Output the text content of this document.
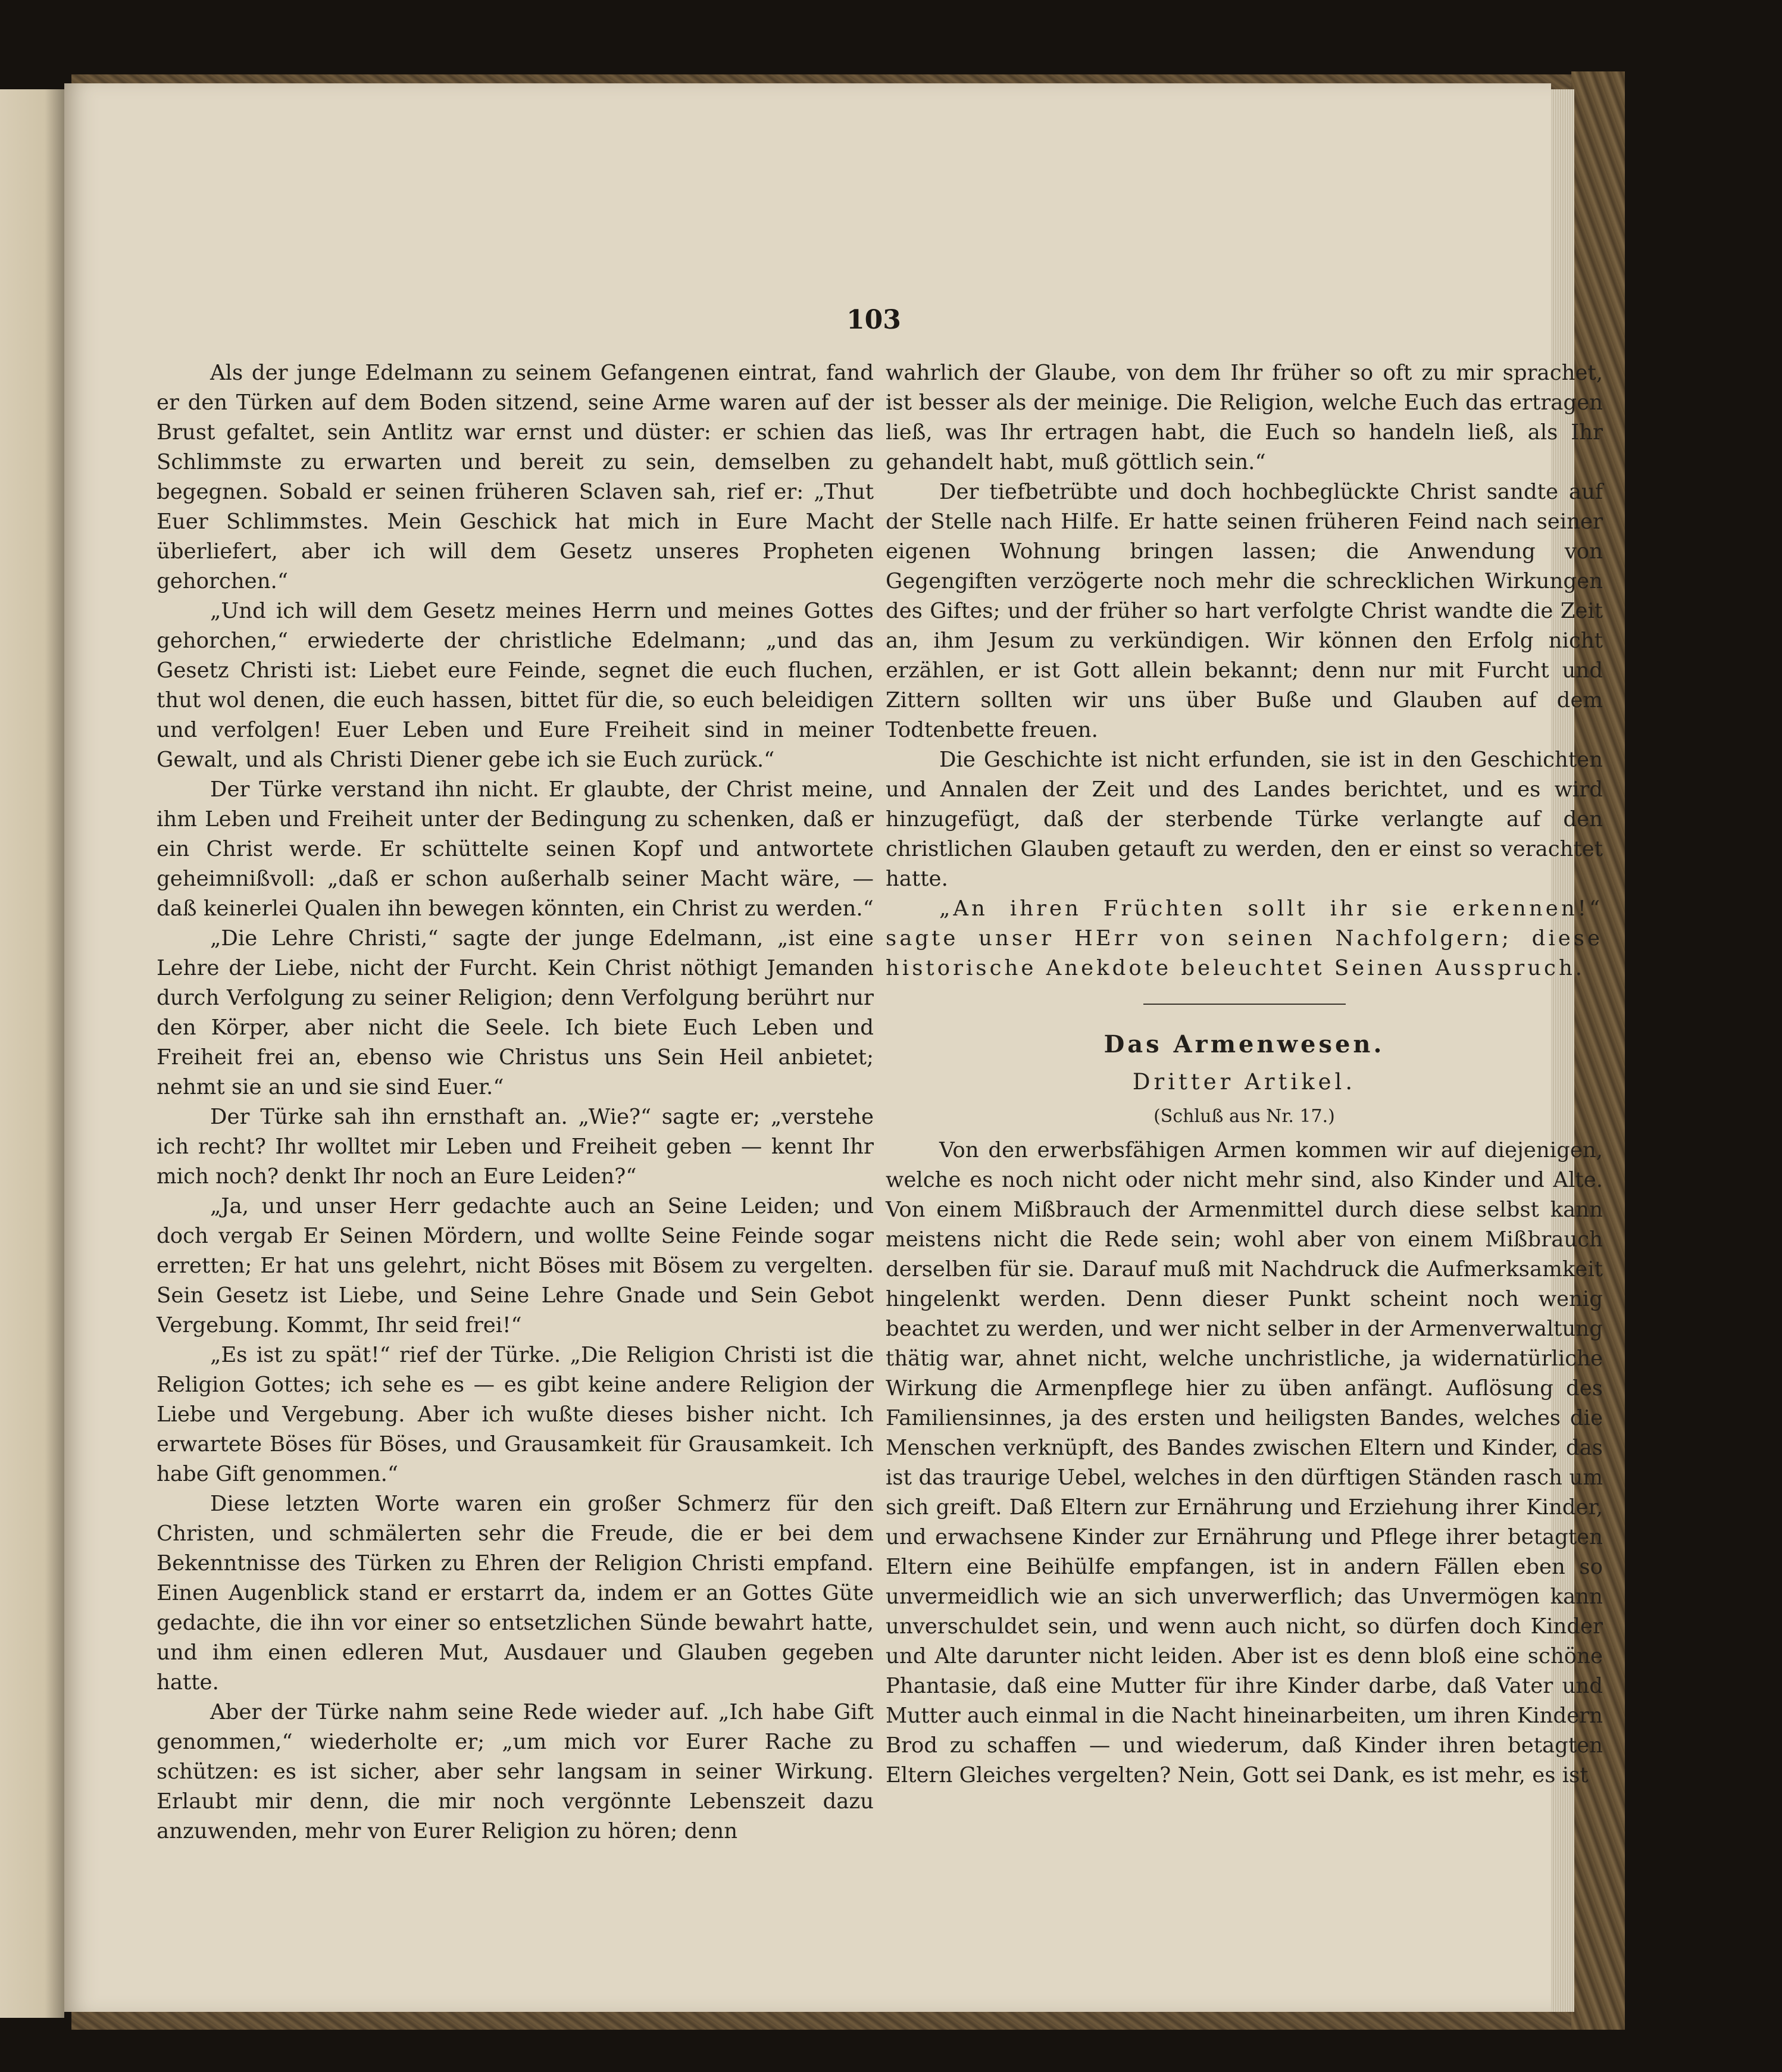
103

Als der junge Edelmann zu seinem Gefangenen eintrat, fand er den Türken auf dem Boden sitzend, seine Arme waren auf der Brust gefaltet, sein Antlitz war ernst und düster: er schien das Schlimmste zu erwarten und bereit zu sein, demselben zu begegnen. Sobald er seinen früheren Sclaven sah, rief er: „Thut Euer Schlimmstes. Mein Geschick hat mich in Eure Macht überliefert, aber ich will dem Gesetz unseres Propheten gehorchen.“

„Und ich will dem Gesetz meines Herrn und meines Gottes gehorchen,“ erwiederte der christliche Edelmann; „und das Gesetz Christi ist: Liebet eure Feinde, segnet die euch fluchen, thut wol denen, die euch hassen, bittet für die, so euch beleidigen und verfolgen! Euer Leben und Eure Freiheit sind in meiner Gewalt, und als Christi Diener gebe ich sie Euch zurück.“

Der Türke verstand ihn nicht. Er glaubte, der Christ meine, ihm Leben und Freiheit unter der Bedingung zu schenken, daß er ein Christ werde. Er schüttelte seinen Kopf und antwortete geheimnißvoll: „daß er schon außerhalb seiner Macht wäre, — daß keinerlei Qualen ihn bewegen könnten, ein Christ zu werden.“

„Die Lehre Christi,“ sagte der junge Edelmann, „ist eine Lehre der Liebe, nicht der Furcht. Kein Christ nöthigt Jemanden durch Verfolgung zu seiner Religion; denn Verfolgung berührt nur den Körper, aber nicht die Seele. Ich biete Euch Leben und Freiheit frei an, ebenso wie Christus uns Sein Heil anbietet; nehmt sie an und sie sind Euer.“

Der Türke sah ihn ernsthaft an. „Wie?“ sagte er; „verstehe ich recht? Ihr wolltet mir Leben und Freiheit geben — kennt Ihr mich noch? denkt Ihr noch an Eure Leiden?“

„Ja, und unser Herr gedachte auch an Seine Leiden; und doch vergab Er Seinen Mördern, und wollte Seine Feinde sogar erretten; Er hat uns gelehrt, nicht Böses mit Bösem zu vergelten. Sein Gesetz ist Liebe, und Seine Lehre Gnade und Sein Gebot Vergebung. Kommt, Ihr seid frei!“

„Es ist zu spät!“ rief der Türke. „Die Religion Christi ist die Religion Gottes; ich sehe es — es gibt keine andere Religion der Liebe und Vergebung. Aber ich wußte dieses bisher nicht. Ich erwartete Böses für Böses, und Grausamkeit für Grausamkeit. Ich habe Gift genommen.“

Diese letzten Worte waren ein großer Schmerz für den Christen, und schmälerten sehr die Freude, die er bei dem Bekenntnisse des Türken zu Ehren der Religion Christi empfand. Einen Augenblick stand er erstarrt da, indem er an Gottes Güte gedachte, die ihn vor einer so entsetzlichen Sünde bewahrt hatte, und ihm einen edleren Mut, Ausdauer und Glauben gegeben hatte.

Aber der Türke nahm seine Rede wieder auf. „Ich habe Gift genommen,“ wiederholte er; „um mich vor Eurer Rache zu schützen: es ist sicher, aber sehr langsam in seiner Wirkung. Erlaubt mir denn, die mir noch vergönnte Lebenszeit dazu anzuwenden, mehr von Eurer Religion zu hören; denn

wahrlich der Glaube, von dem Ihr früher so oft zu mir sprachet, ist besser als der meinige. Die Religion, welche Euch das ertragen ließ, was Ihr ertragen habt, die Euch so handeln ließ, als Ihr gehandelt habt, muß göttlich sein.“

Der tiefbetrübte und doch hochbeglückte Christ sandte auf der Stelle nach Hilfe. Er hatte seinen früheren Feind nach seiner eigenen Wohnung bringen lassen; die Anwendung von Gegengiften verzögerte noch mehr die schrecklichen Wirkungen des Giftes; und der früher so hart verfolgte Christ wandte die Zeit an, ihm Jesum zu verkündigen. Wir können den Erfolg nicht erzählen, er ist Gott allein bekannt; denn nur mit Furcht und Zittern sollten wir uns über Buße und Glauben auf dem Todtenbette freuen.

Die Geschichte ist nicht erfunden, sie ist in den Geschichten und Annalen der Zeit und des Landes berichtet, und es wird hinzugefügt, daß der sterbende Türke verlangte auf den christlichen Glauben getauft zu werden, den er einst so verachtet hatte.

„An ihren Früchten sollt ihr sie erkennen!“ sagte unser HErr von seinen Nachfolgern; diese historische Anekdote beleuchtet Seinen Ausspruch.

Das Armenwesen.
Dritter Artikel.
(Schluß aus Nr. 17.)

Von den erwerbsfähigen Armen kommen wir auf diejenigen, welche es noch nicht oder nicht mehr sind, also Kinder und Alte. Von einem Mißbrauch der Armenmittel durch diese selbst kann meistens nicht die Rede sein; wohl aber von einem Mißbrauch derselben für sie. Darauf muß mit Nachdruck die Aufmerksamkeit hingelenkt werden. Denn dieser Punkt scheint noch wenig beachtet zu werden, und wer nicht selber in der Armenverwaltung thätig war, ahnet nicht, welche unchristliche, ja widernatürliche Wirkung die Armenpflege hier zu üben anfängt. Auflösung des Familiensinnes, ja des ersten und heiligsten Bandes, welches die Menschen verknüpft, des Bandes zwischen Eltern und Kinder, das ist das traurige Uebel, welches in den dürftigen Ständen rasch um sich greift. Daß Eltern zur Ernährung und Erziehung ihrer Kinder, und erwachsene Kinder zur Ernährung und Pflege ihrer betagten Eltern eine Beihülfe empfangen, ist in andern Fällen eben so unvermeidlich wie an sich unverwerflich; das Unvermögen kann unverschuldet sein, und wenn auch nicht, so dürfen doch Kinder und Alte darunter nicht leiden. Aber ist es denn bloß eine schöne Phantasie, daß eine Mutter für ihre Kinder darbe, daß Vater und Mutter auch einmal in die Nacht hineinarbeiten, um ihren Kindern Brod zu schaffen — und wiederum, daß Kinder ihren betagten Eltern Gleiches vergelten? Nein, Gott sei Dank, es ist mehr, es ist
